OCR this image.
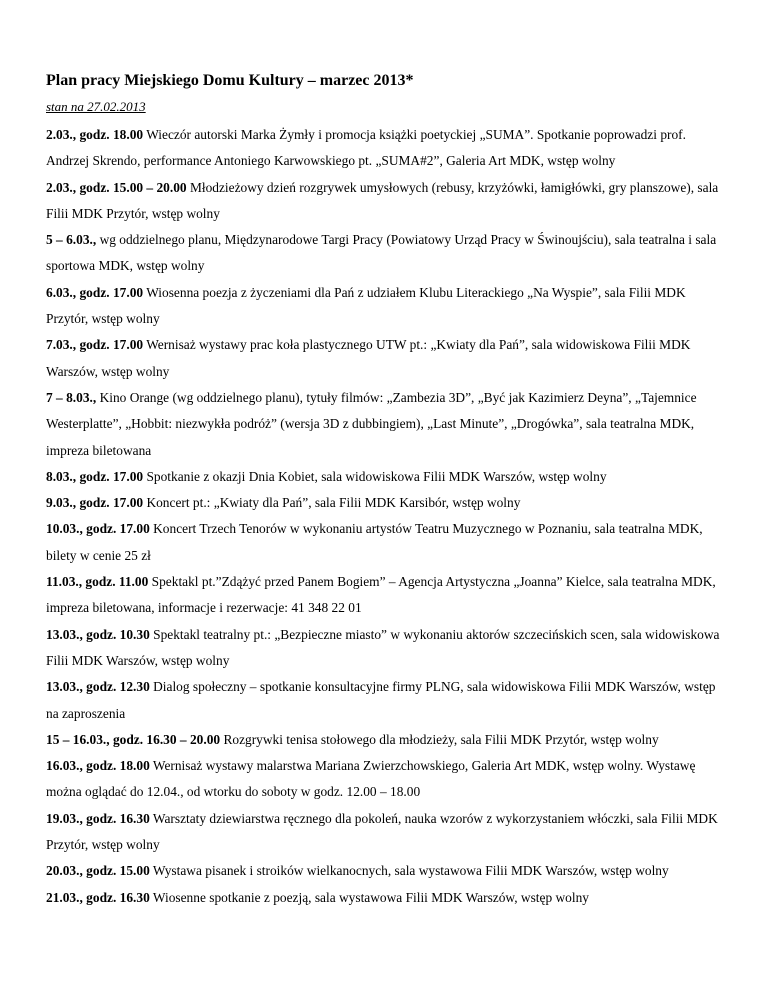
Plan pracy Miejskiego Domu Kultury – marzec 2013*
stan na 27.02.2013

2.03., godz. 18.00 Wieczór autorski Marka Żymły i promocja książki poetyckiej „SUMA”. Spotkanie poprowadzi prof. Andrzej Skrendo, performance Antoniego Karwowskiego pt. „SUMA#2”, Galeria Art MDK, wstęp wolny

2.03., godz. 15.00 – 20.00 Młodzieżowy dzień rozgrywek umysłowych (rebusy, krzyżówki, łamigłówki, gry planszowe), sala Filii MDK Przytór, wstęp wolny

5 – 6.03., wg oddzielnego planu, Międzynarodowe Targi Pracy (Powiatowy Urząd Pracy w Świnoujściu), sala teatralna i sala sportowa MDK, wstęp wolny

6.03., godz. 17.00 Wiosenna poezja z życzeniami dla Pań z udziałem Klubu Literackiego „Na Wyspie”, sala Filii MDK Przytór, wstęp wolny

7.03., godz. 17.00 Wernisaż wystawy prac koła plastycznego UTW pt.: „Kwiaty dla Pań”, sala widowiskowa Filii MDK Warszów, wstęp wolny

7 – 8.03., Kino Orange (wg oddzielnego planu), tytuły filmów: „Zambezia 3D”, „Być jak Kazimierz Deyna”, „Tajemnice Westerplatte”, „Hobbit: niezwykła podróż” (wersja 3D z dubbingiem), „Last Minute”, „Drogówka”, sala teatralna MDK, impreza biletowana

8.03., godz. 17.00 Spotkanie z okazji Dnia Kobiet, sala widowiskowa Filii MDK Warszów, wstęp wolny

9.03., godz. 17.00 Koncert pt.: „Kwiaty dla Pań”, sala Filii MDK Karsibór, wstęp wolny

10.03., godz. 17.00 Koncert Trzech Tenorów w wykonaniu artystów Teatru Muzycznego w Poznaniu, sala teatralna MDK, bilety w cenie 25 zł

11.03., godz. 11.00 Spektakl pt.”Zdążyć przed Panem Bogiem” – Agencja Artystyczna „Joanna” Kielce, sala teatralna MDK, impreza biletowana, informacje i rezerwacje: 41 348 22 01

13.03., godz. 10.30 Spektakl teatralny pt.: „Bezpieczne miasto” w wykonaniu aktorów szczecińskich scen, sala widowiskowa Filii MDK Warszów, wstęp wolny

13.03., godz. 12.30 Dialog społeczny – spotkanie konsultacyjne firmy PLNG, sala widowiskowa Filii MDK Warszów, wstęp na zaproszenia

15 – 16.03., godz. 16.30 – 20.00 Rozgrywki tenisa stołowego dla młodzieży, sala Filii MDK Przytór, wstęp wolny

16.03., godz. 18.00 Wernisaż wystawy malarstwa Mariana Zwierzchowskiego, Galeria Art MDK, wstęp wolny. Wystawę można oglądać do 12.04., od wtorku do soboty w godz. 12.00 – 18.00

19.03., godz. 16.30 Warsztaty dziewiarstwa ręcznego dla pokoleń, nauka wzorów z wykorzystaniem włóczki, sala Filii MDK Przytór, wstęp wolny

20.03., godz. 15.00 Wystawa pisanek i stroików wielkanocnych, sala wystawowa Filii MDK Warszów, wstęp wolny

21.03., godz. 16.30 Wiosenne spotkanie z poezją, sala wystawowa Filii MDK Warszów, wstęp wolny
